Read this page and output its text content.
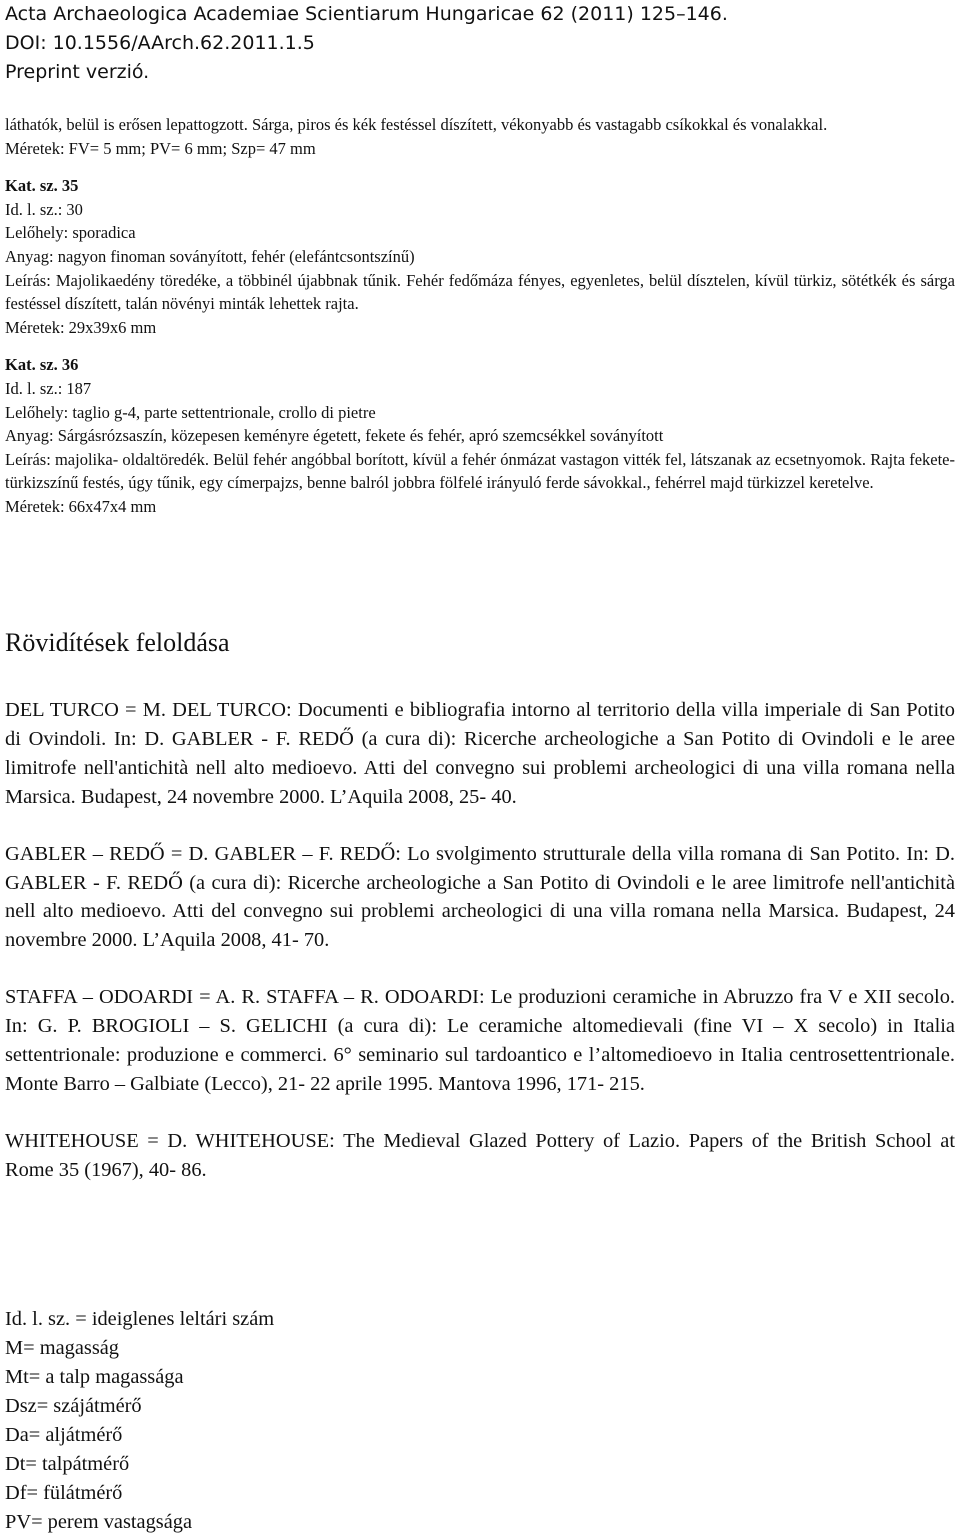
Acta Archaeologica Academiae Scientiarum Hungaricae 62 (2011) 125–146.
DOI: 10.1556/AArch.62.2011.1.5
Preprint verzió.

láthatók, belül is erősen lepattogzott. Sárga, piros és kék festéssel díszített, vékonyabb és vastagabb csíkokkal és vonalakkal.

Méretek: FV= 5 mm; PV= 6 mm; Szp= 47 mm

Kat. sz. 35

Id. l. sz.: 30

Lelőhely: sporadica

Anyag: nagyon finoman soványított, fehér (elefántcsontszínű)

Leírás: Majolikaedény töredéke, a többinél újabbnak tűnik. Fehér fedőmáza fényes, egyenletes, belül dísztelen, kívül türkiz, sötétkék és sárga festéssel díszített, talán növényi minták lehettek rajta.

Méretek: 29x39x6 mm

Kat. sz. 36

Id. l. sz.: 187

Lelőhely: taglio g-4, parte settentrionale, crollo di pietre

Anyag: Sárgásrózsaszín, közepesen keményre égetett, fekete és fehér, apró szemcsékkel soványított

Leírás: majolika- oldaltöredék. Belül fehér angóbbal borított, kívül a fehér ónmázat vastagon vitték fel, látszanak az ecsetnyomok. Rajta fekete- türkizszínű festés, úgy tűnik, egy címerpajzs, benne balról jobbra fölfelé irányuló ferde sávokkal., fehérrel majd türkizzel keretelve.

Méretek: 66x47x4 mm

Rövidítések feloldása

DEL TURCO = M. DEL TURCO: Documenti e bibliografia intorno al territorio della villa imperiale di San Potito di Ovindoli. In: D. GABLER - F. REDŐ (a cura di): Ricerche archeologiche a San Potito di Ovindoli e le aree limitrofe nell'antichità nell alto medioevo. Atti del convegno sui problemi archeologici di una villa romana nella Marsica. Budapest, 24 novembre 2000. L’Aquila 2008, 25- 40.

GABLER – REDŐ = D. GABLER – F. REDŐ: Lo svolgimento strutturale della villa romana di San Potito. In: D. GABLER - F. REDŐ (a cura di): Ricerche archeologiche a San Potito di Ovindoli e le aree limitrofe nell'antichità nell alto medioevo. Atti del convegno sui problemi archeologici di una villa romana nella Marsica. Budapest, 24 novembre 2000. L’Aquila 2008, 41- 70.

STAFFA – ODOARDI = A. R. STAFFA – R. ODOARDI: Le produzioni ceramiche in Abruzzo fra V e XII secolo. In: G. P. BROGIOLI – S. GELICHI (a cura di): Le ceramiche altomedievali (fine VI – X secolo) in Italia settentrionale: produzione e commerci. 6° seminario sul tardoantico e l’altomedioevo in Italia centrosettentrionale. Monte Barro – Galbiate (Lecco), 21- 22 aprile 1995. Mantova 1996, 171- 215.

WHITEHOUSE = D. WHITEHOUSE: The Medieval Glazed Pottery of Lazio. Papers of the British School at Rome 35 (1967), 40- 86.

Id. l. sz. = ideiglenes leltári szám
M= magasság
Mt= a talp magassága
Dsz= szájátmérő
Da= aljátmérő
Dt= talpátmérő
Df= fülátmérő
PV= perem vastagsága
